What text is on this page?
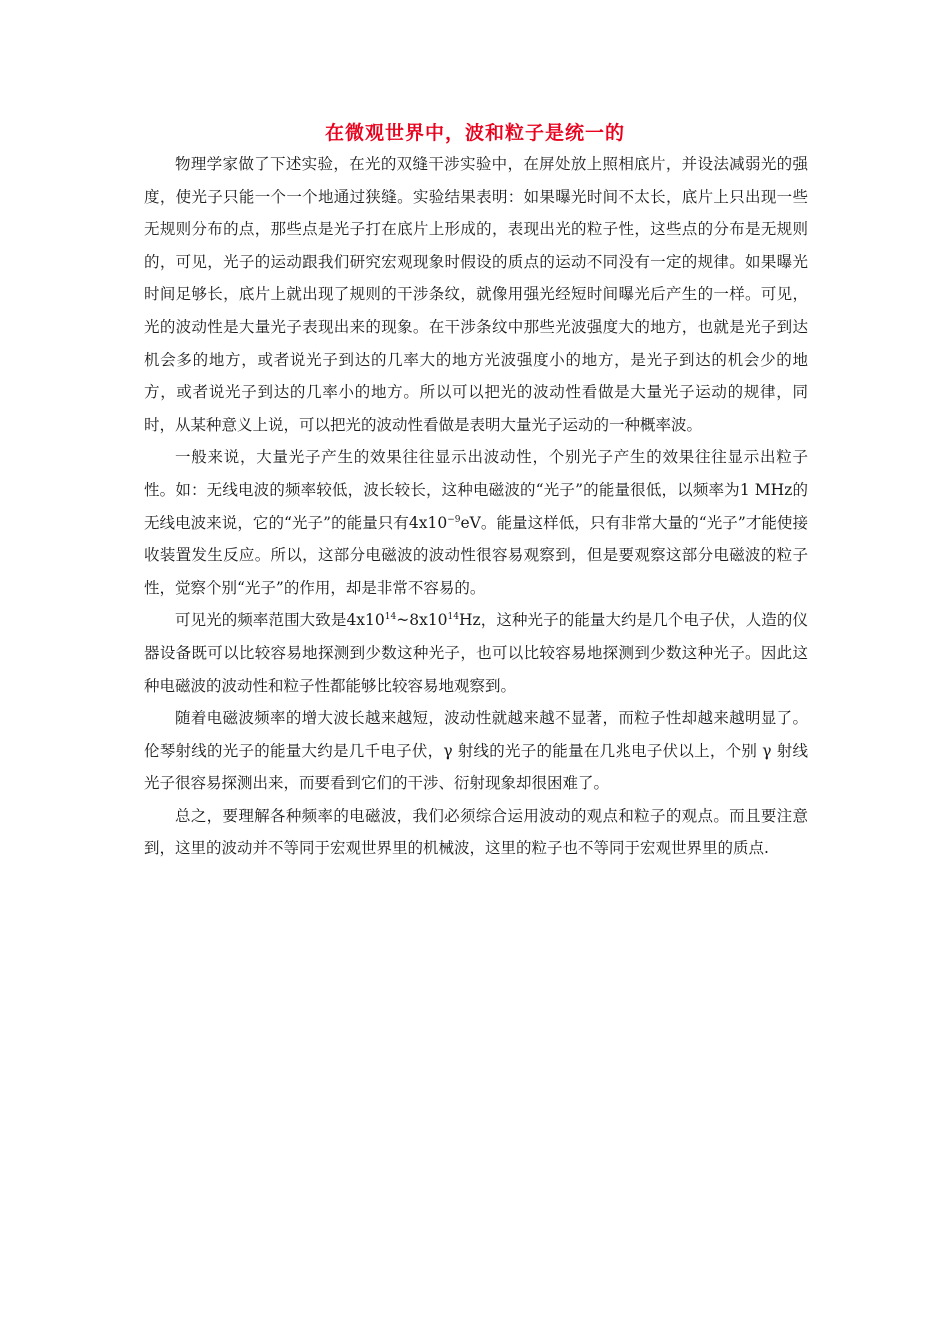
在微观世界中，波和粒子是统一的

物理学家做了下述实验，在光的双缝干涉实验中，在屏处放上照相底片，并设法减弱光的强度，使光子只能一个一个地通过狭缝。实验结果表明：如果曝光时间不太长，底片上只出现一些无规则分布的点，那些点是光子打在底片上形成的，表现出光的粒子性，这些点的分布是无规则的，可见，光子的运动跟我们研究宏观现象时假设的质点的运动不同没有一定的规律。如果曝光时间足够长，底片上就出现了规则的干涉条纹，就像用强光经短时间曝光后产生的一样。可见，光的波动性是大量光子表现出来的现象。在干涉条纹中那些光波强度大的地方，也就是光子到达机会多的地方，或者说光子到达的几率大的地方光波强度小的地方，是光子到达的机会少的地方，或者说光子到达的几率小的地方。所以可以把光的波动性看做是大量光子运动的规律，同时，从某种意义上说，可以把光的波动性看做是表明大量光子运动的一种概率波。

一般来说，大量光子产生的效果往往显示出波动性，个别光子产生的效果往往显示出粒子性。如：无线电波的频率较低，波长较长，这种电磁波的“光子”的能量很低，以频率为1 MHz的无线电波来说，它的“光子”的能量只有$4x10^{-9}eV$。能量这样低，只有非常大量的“光子”才能使接收装置发生反应。所以，这部分电磁波的波动性很容易观察到，但是要观察这部分电磁波的粒子性，觉察个别“光子”的作用，却是非常不容易的。

可见光的频率范围大致是$4x10^{14}\sim 8x10^{14}Hz$，这种光子的能量大约是几个电子伏，人造的仪器设备既可以比较容易地探测到少数这种光子，也可以比较容易地探测到少数这种光子。因此这种电磁波的波动性和粒子性都能够比较容易地观察到。

随着电磁波频率的增大波长越来越短，波动性就越来越不显著，而粒子性却越来越明显了。伦琴射线的光子的能量大约是几千电子伏，γ 射线的光子的能量在几兆电子伏以上，个别 γ 射线光子很容易探测出来，而要看到它们的干涉、衍射现象却很困难了。

总之，要理解各种频率的电磁波，我们必须综合运用波动的观点和粒子的观点。而且要注意到，这里的波动并不等同于宏观世界里的机械波，这里的粒子也不等同于宏观世界里的质点.
